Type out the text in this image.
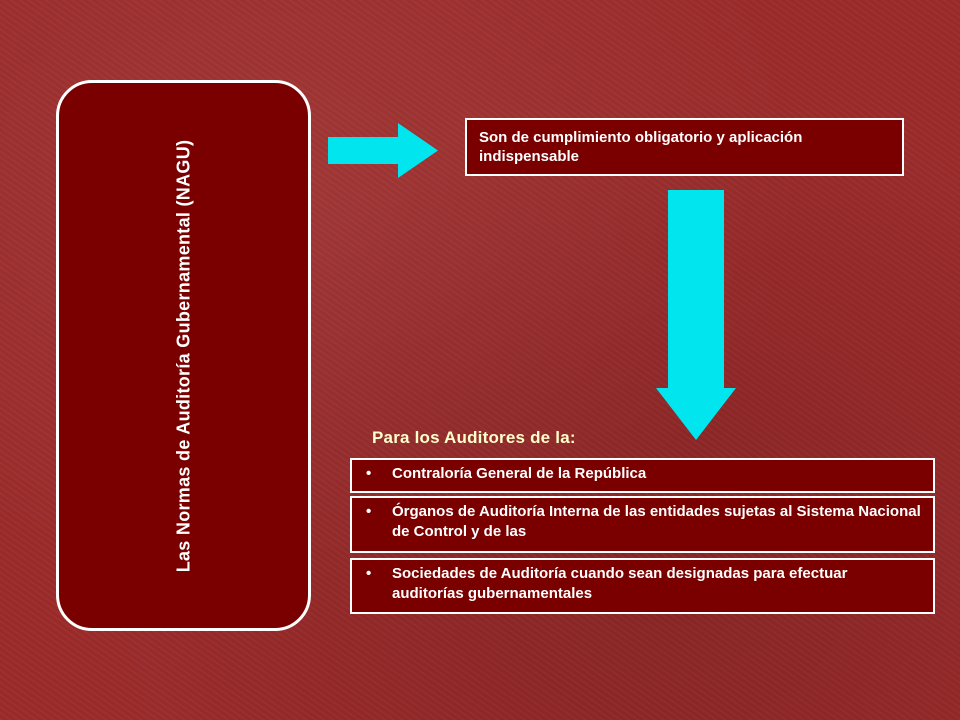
Las Normas de Auditoría Gubernamental (NAGU)
Son de cumplimiento obligatorio y aplicación indispensable
Para los Auditores de la:
•	Contraloría General de la República
•	Órganos de Auditoría Interna de las entidades sujetas al Sistema Nacional de Control y de las
•	Sociedades de Auditoría cuando sean designadas para efectuar auditorías gubernamentales
